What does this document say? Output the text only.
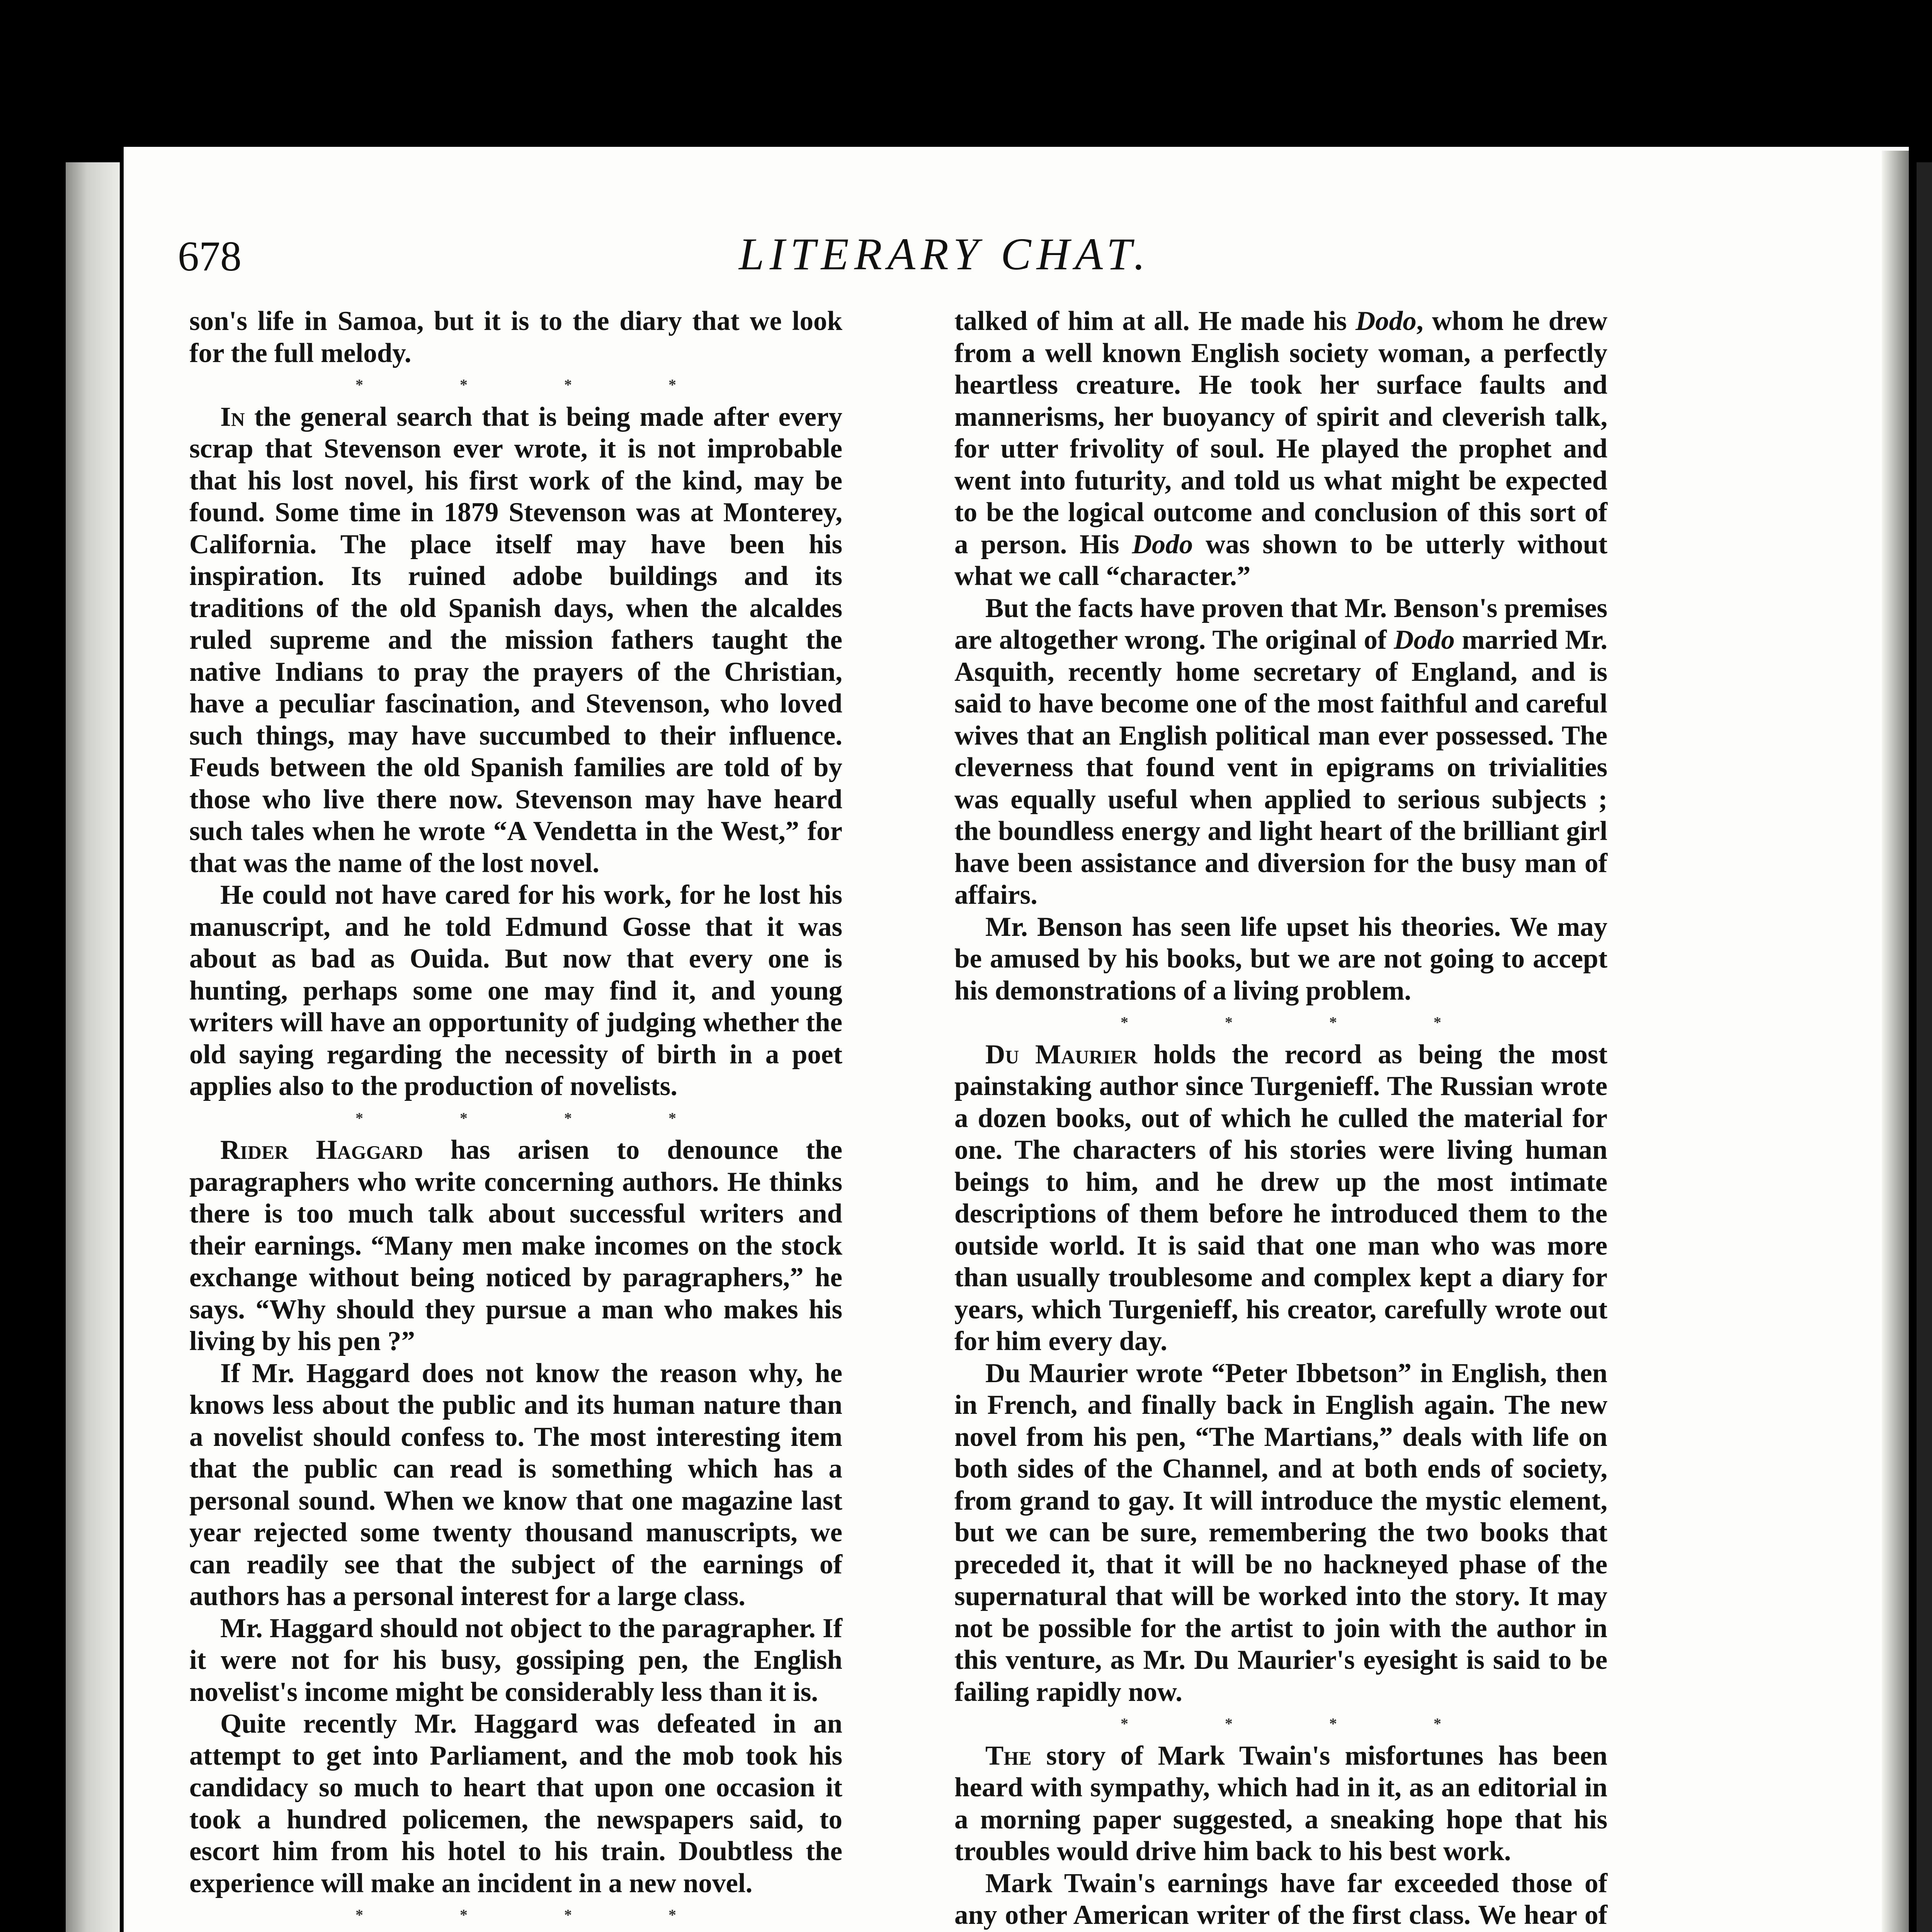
678	LITERARY CHAT.

son's life in Samoa, but it is to the diary that we look for the full melody.

* * * *

In the general search that is being made after every scrap that Stevenson ever wrote, it is not improbable that his lost novel, his first work of the kind, may be found. Some time in 1879 Stevenson was at Monterey, California. The place itself may have been his inspiration. Its ruined adobe buildings and its traditions of the old Spanish days, when the alcaldes ruled supreme and the mission fathers taught the native Indians to pray the prayers of the Christian, have a peculiar fascination, and Stevenson, who loved such things, may have succumbed to their influence. Feuds between the old Spanish families are told of by those who live there now. Stevenson may have heard such tales when he wrote “A Vendetta in the West,” for that was the name of the lost novel.

He could not have cared for his work, for he lost his manuscript, and he told Edmund Gosse that it was about as bad as Ouida. But now that every one is hunting, perhaps some one may find it, and young writers will have an opportunity of judging whether the old saying regarding the necessity of birth in a poet applies also to the production of novelists.

* * * *

Rider Haggard has arisen to denounce the paragraphers who write concerning authors. He thinks there is too much talk about successful writers and their earnings. “Many men make incomes on the stock exchange without being noticed by paragraphers,” he says. “Why should they pursue a man who makes his living by his pen ?”

If Mr. Haggard does not know the reason why, he knows less about the public and its human nature than a novelist should confess to. The most interesting item that the public can read is something which has a personal sound. When we know that one magazine last year rejected some twenty thousand manuscripts, we can readily see that the subject of the earnings of authors has a personal interest for a large class.

Mr. Haggard should not object to the paragrapher. If it were not for his busy, gossiping pen, the English novelist's income might be considerably less than it is.

Quite recently Mr. Haggard was defeated in an attempt to get into Parliament, and the mob took his candidacy so much to heart that upon one occasion it took a hundred policemen, the newspapers said, to escort him from his hotel to his train. Doubtless the experience will make an incident in a new novel.

* * * *

talked of him at all. He made his Dodo, whom he drew from a well known English society woman, a perfectly heartless creature. He took her surface faults and mannerisms, her buoyancy of spirit and cleverish talk, for utter frivolity of soul. He played the prophet and went into futurity, and told us what might be expected to be the logical outcome and conclusion of this sort of a person. His Dodo was shown to be utterly without what we call “character.”

But the facts have proven that Mr. Benson's premises are altogether wrong. The original of Dodo married Mr. Asquith, recently home secretary of England, and is said to have become one of the most faithful and careful wives that an English political man ever possessed. The cleverness that found vent in epigrams on trivialities was equally useful when applied to serious subjects ; the boundless energy and light heart of the brilliant girl have been assistance and diversion for the busy man of affairs.

Mr. Benson has seen life upset his theories. We may be amused by his books, but we are not going to accept his demonstrations of a living problem.

* * * *

Du Maurier holds the record as being the most painstaking author since Turgenieff. The Russian wrote a dozen books, out of which he culled the material for one. The characters of his stories were living human beings to him, and he drew up the most intimate descriptions of them before he introduced them to the outside world. It is said that one man who was more than usually troublesome and complex kept a diary for years, which Turgenieff, his creator, carefully wrote out for him every day.

Du Maurier wrote “Peter Ibbetson” in English, then in French, and finally back in English again. The new novel from his pen, “The Martians,” deals with life on both sides of the Channel, and at both ends of society, from grand to gay. It will introduce the mystic element, but we can be sure, remembering the two books that preceded it, that it will be no hackneyed phase of the supernatural that will be worked into the story. It may not be possible for the artist to join with the author in this venture, as Mr. Du Maurier's eyesight is said to be failing rapidly now.

* * * *

The story of Mark Twain's misfortunes has been heard with sympathy, which had in it, as an editorial in a morning paper suggested, a sneaking hope that his troubles would drive him back to his best work.

Mark Twain's earnings have far exceeded those of any other American writer of the first class. We hear of
